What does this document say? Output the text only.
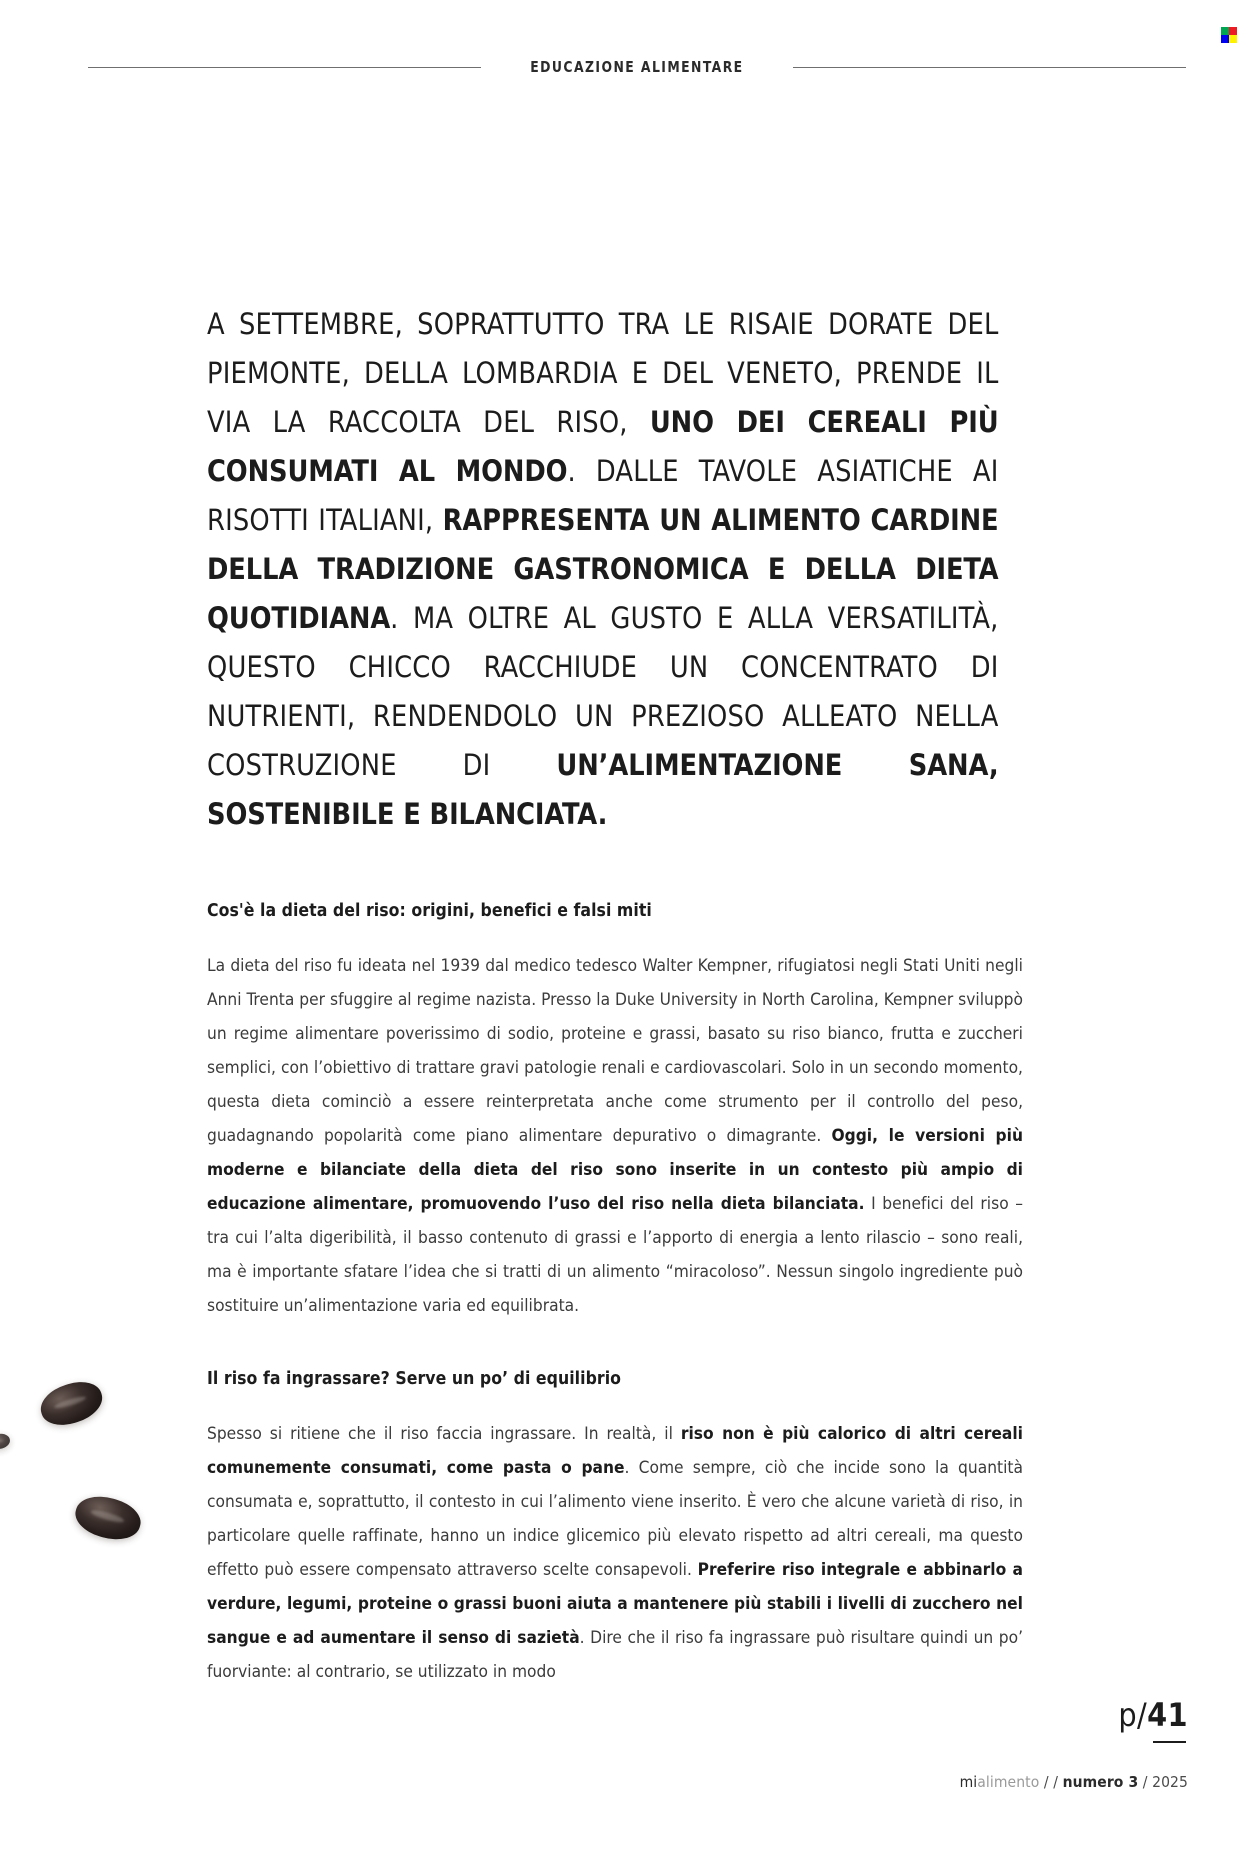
EDUCAZIONE ALIMENTARE

A SETTEMBRE, SOPRATTUTTO TRA LE RISAIE DORATE DEL PIEMONTE, DELLA LOMBARDIA E DEL VENETO, PRENDE IL VIA LA RACCOLTA DEL RISO, UNO DEI CEREALI PIÙ CONSUMATI AL MONDO. DALLE TAVOLE ASIATICHE AI RISOTTI ITALIANI, RAPPRESENTA UN ALIMENTO CARDINE DELLA TRADIZIONE GASTRONOMICA E DELLA DIETA QUOTIDIANA. MA OLTRE AL GUSTO E ALLA VERSATILITÀ, QUESTO CHICCO RACCHIUDE UN CONCENTRATO DI NUTRIENTI, RENDENDOLO UN PREZIOSO ALLEATO NELLA COSTRUZIONE DI UN’ALIMENTAZIONE SANA, SOSTENIBILE E BILANCIATA.

Cos'è la dieta del riso: origini, benefici e falsi miti

La dieta del riso fu ideata nel 1939 dal medico tedesco Walter Kempner, rifugiatosi negli Stati Uniti negli Anni Trenta per sfuggire al regime nazista. Presso la Duke University in North Carolina, Kempner sviluppò un regime alimentare poverissimo di sodio, proteine e grassi, basato su riso bianco, frutta e zuccheri semplici, con l’obiettivo di trattare gravi patologie renali e cardiovascolari. Solo in un secondo momento, questa dieta cominciò a essere reinterpretata anche come strumento per il controllo del peso, guadagnando popolarità come piano alimentare depurativo o dimagrante. Oggi, le versioni più moderne e bilanciate della dieta del riso sono inserite in un contesto più ampio di educazione alimentare, promuovendo l’uso del riso nella dieta bilanciata. I benefici del riso – tra cui l’alta digeribilità, il basso contenuto di grassi e l’apporto di energia a lento rilascio – sono reali, ma è importante sfatare l’idea che si tratti di un alimento “miracoloso”. Nessun singolo ingrediente può sostituire un’alimentazione varia ed equilibrata.

Il riso fa ingrassare? Serve un po’ di equilibrio

Spesso si ritiene che il riso faccia ingrassare. In realtà, il riso non è più calorico di altri cereali comunemente consumati, come pasta o pane. Come sempre, ciò che incide sono la quantità consumata e, soprattutto, il contesto in cui l’alimento viene inserito. È vero che alcune varietà di riso, in particolare quelle raffinate, hanno un indice glicemico più elevato rispetto ad altri cereali, ma questo effetto può essere compensato attraverso scelte consapevoli. Preferire riso integrale e abbinarlo a verdure, legumi, proteine o grassi buoni aiuta a mantenere più stabili i livelli di zucchero nel sangue e ad aumentare il senso di sazietà. Dire che il riso fa ingrassare può risultare quindi un po’ fuorviante: al contrario, se utilizzato in modo

p/41
mialimento / / numero 3 / 2025
